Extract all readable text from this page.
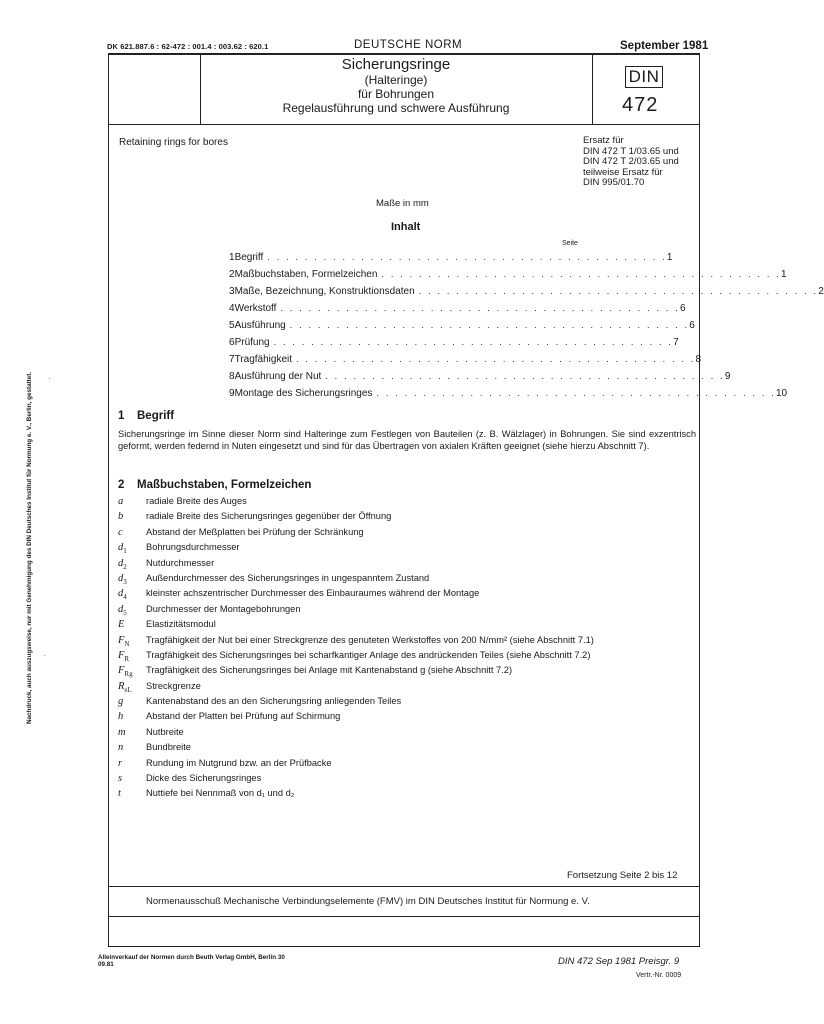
DK 621.887.6 : 62-472 : 001.4 : 003.62 : 620.1	DEUTSCHE NORM	September 1981
Sicherungsringe
(Halteringe)
für Bohrungen
Regelausführung und schwere Ausführung
DIN
472
Retaining rings for bores	Ersatz für
DIN 472 T 1/03.65 und
DIN 472 T 2/03.65 und
teilweise Ersatz für
DIN 995/01.70
Maße in mm
Inhalt
Seite
1 Begriff . . . . . . . . . . . . . . . . . . . . . . . . . . . . . . . . . . . . . . . . . . . 1
2 Maßbuchstaben, Formelzeichen . . . . . . . . . . . . . . . . . . . . . . . . . . . . . . . . . . . . . . . . . . . 1
3 Maße, Bezeichnung, Konstruktionsdaten . . . . . . . . . . . . . . . . . . . . . . . . . . . . . . . . . . . . . . . . . . . 2
4 Werkstoff . . . . . . . . . . . . . . . . . . . . . . . . . . . . . . . . . . . . . . . . . . . 6
5 Ausführung . . . . . . . . . . . . . . . . . . . . . . . . . . . . . . . . . . . . . . . . . . . 6
6 Prüfung . . . . . . . . . . . . . . . . . . . . . . . . . . . . . . . . . . . . . . . . . . . 7
7 Tragfähigkeit . . . . . . . . . . . . . . . . . . . . . . . . . . . . . . . . . . . . . . . . . . . 8
8 Ausführung der Nut . . . . . . . . . . . . . . . . . . . . . . . . . . . . . . . . . . . . . . . . . . . 9
9 Montage des Sicherungsringes . . . . . . . . . . . . . . . . . . . . . . . . . . . . . . . . . . . . . . . . . . . 10
1 Begriff
Sicherungsringe im Sinne dieser Norm sind Halteringe zum Festlegen von Bauteilen (z. B. Wälzlager) in Bohrungen. Sie sind exzentrisch geformt, werden federnd in Nuten eingesetzt und sind für das Übertragen von axialen Kräften geeignet (siehe hierzu Abschnitt 7).
2 Maßbuchstaben, Formelzeichen
a	radiale Breite des Auges
b	radiale Breite des Sicherungsringes gegenüber der Öffnung
c	Abstand der Meßplatten bei Prüfung der Schränkung
$d_1$	Bohrungsdurchmesser
$d_2$	Nutdurchmesser
$d_3$	Außendurchmesser des Sicherungsringes in ungespanntem Zustand
$d_4$	kleinster achszentrischer Durchmesser des Einbauraumes während der Montage
$d_5$	Durchmesser der Montagebohrungen
E	Elastizitätsmodul
$F_N$	Tragfähigkeit der Nut bei einer Streckgrenze des genuteten Werkstoffes von 200 N/mm² (siehe Abschnitt 7.1)
$F_R$	Tragfähigkeit des Sicherungsringes bei scharfkantiger Anlage des andrückenden Teiles (siehe Abschnitt 7.2)
$F_{Rg}$	Tragfähigkeit des Sicherungsringes bei Anlage mit Kantenabstand g (siehe Abschnitt 7.2)
$R_{eL}$	Streckgrenze
g	Kantenabstand des an den Sicherungsring anliegenden Teiles
h	Abstand der Platten bei Prüfung auf Schirmung
m	Nutbreite
n	Bundbreite
r	Rundung im Nutgrund bzw. an der Prüfbacke
s	Dicke des Sicherungsringes
t	Nuttiefe bei Nennmaß von d₁ und d₂
Fortsetzung Seite 2 bis 12
Normenausschuß Mechanische Verbindungselemente (FMV) im DIN Deutsches Institut für Normung e. V.
Alleinverkauf der Normen durch Beuth Verlag GmbH, Berlin 30
09.81	DIN 472 Sep 1981 Preisgr. 9
Vertr.-Nr. 0009
Nachdruck, auch auszugsweise, nur mit Genehmigung des DIN Deutsches Institut für Normung e. V., Berlin, gestattet. ·
·
